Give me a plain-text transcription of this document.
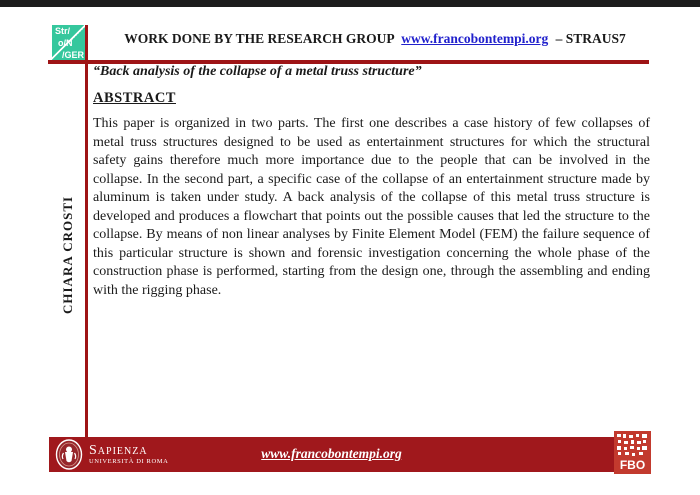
Str/
o/N
/GER
WORK DONE BY THE RESEARCH GROUP www.francobontempi.org – STRAUS7
“Back analysis of the collapse of a metal truss structure”
ABSTRACT
This paper is organized in two parts. The first one describes a case history of few collapses of metal truss structures designed to be used as entertainment structures for which the structural safety gains therefore much more importance due to the people that can be involved in the collapse. In the second part, a specific case of the collapse of an entertainment structure made by aluminum is taken under study. A back analysis of the collapse of this metal truss structure is developed and produces a flowchart that points out the possible causes that led the structure to the collapse. By means of non linear analyses by Finite Element Model (FEM) the failure sequence of this particular structure is shown and forensic investigation concerning the whole phase of the construction phase is performed, starting from the design one, through the assembling and ending with the rigging phase.
CHIARA CROSTI
Sapienza
UNIVERSITÀ DI ROMA
www.francobontempi.org
FBO
